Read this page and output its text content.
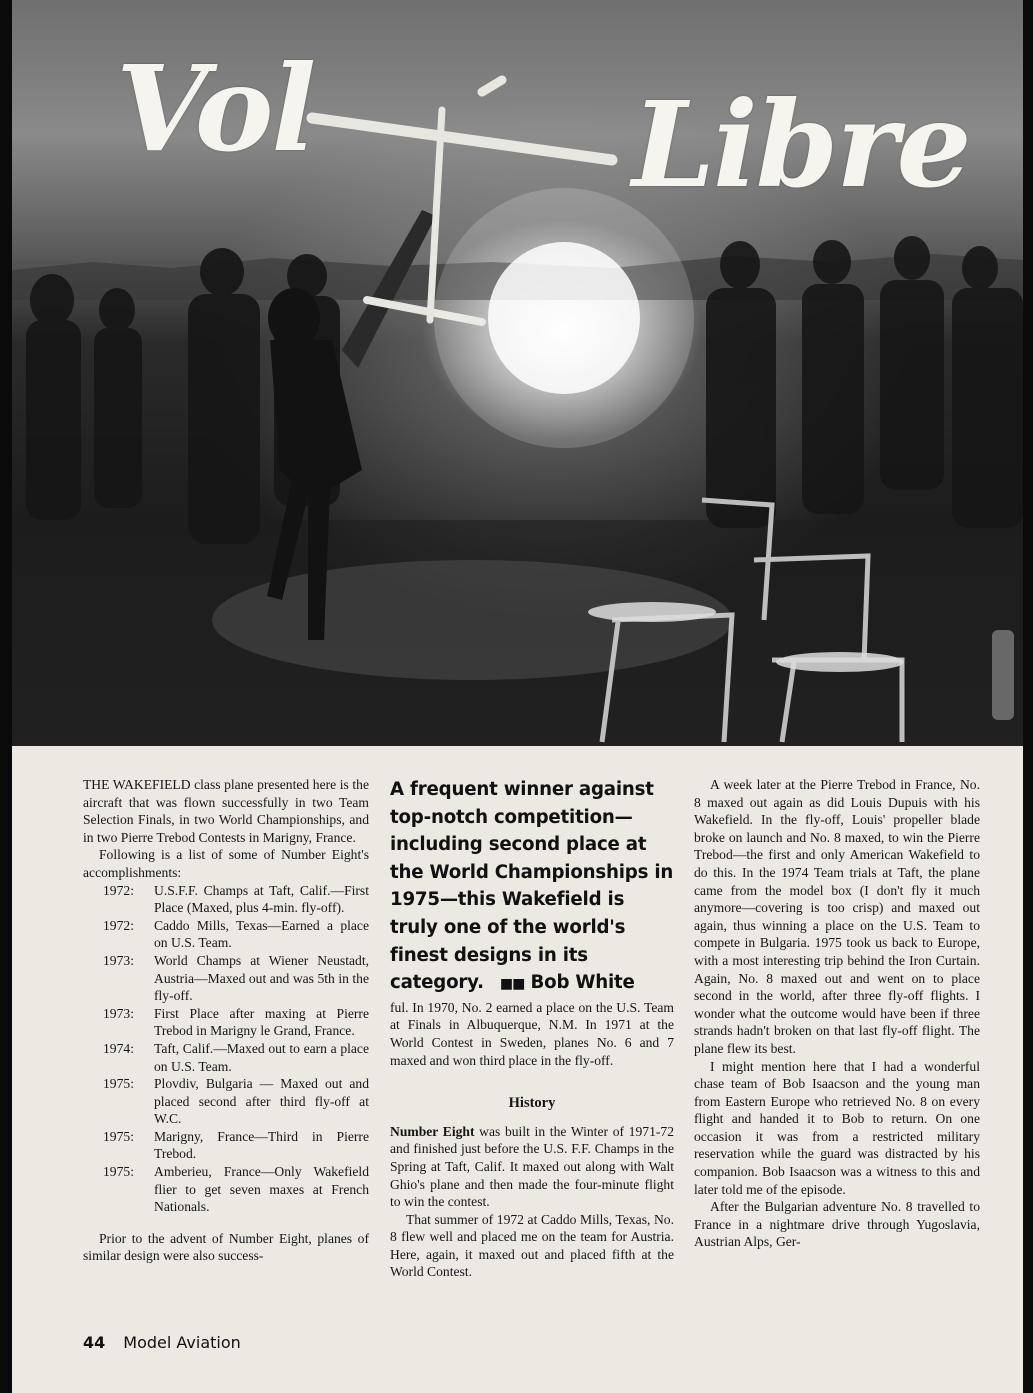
Vol	Libre

THE WAKEFIELD class plane presented here is the aircraft that was flown successfully in two Team Selection Finals, in two World Championships, and in two Pierre Trebod Contests in Marigny, France.

Following is a list of some of Number Eight's accomplishments:

1972: U.S.F.F. Champs at Taft, Calif.—First Place (Maxed, plus 4-min. fly-off).
1972: Caddo Mills, Texas—Earned a place on U.S. Team.
1973: World Champs at Wiener Neustadt, Austria—Maxed out and was 5th in the fly-off.
1973: First Place after maxing at Pierre Trebod in Marigny le Grand, France.
1974: Taft, Calif.—Maxed out to earn a place on U.S. Team.
1975: Plovdiv, Bulgaria — Maxed out and placed second after third fly-off at W.C.
1975: Marigny, France—Third in Pierre Trebod.
1975: Amberieu, France—Only Wakefield flier to get seven maxes at French Nationals.

Prior to the advent of Number Eight, planes of similar design were also success-

A frequent winner against top-notch competition—including second place at the World Championships in 1975—this Wakefield is truly one of the world's finest designs in its category. ■■ Bob White

ful. In 1970, No. 2 earned a place on the U.S. Team at Finals in Albuquerque, N.M. In 1971 at the World Contest in Sweden, planes No. 6 and 7 maxed and won third place in the fly-off.

History

Number Eight was built in the Winter of 1971-72 and finished just before the U.S. F.F. Champs in the Spring at Taft, Calif. It maxed out along with Walt Ghio's plane and then made the four-minute flight to win the contest.

That summer of 1972 at Caddo Mills, Texas, No. 8 flew well and placed me on the team for Austria. Here, again, it maxed out and placed fifth at the World Contest.

A week later at the Pierre Trebod in France, No. 8 maxed out again as did Louis Dupuis with his Wakefield. In the fly-off, Louis' propeller blade broke on launch and No. 8 maxed, to win the Pierre Trebod—the first and only American Wakefield to do this. In the 1974 Team trials at Taft, the plane came from the model box (I don't fly it much anymore—covering is too crisp) and maxed out again, thus winning a place on the U.S. Team to compete in Bulgaria. 1975 took us back to Europe, with a most interesting trip behind the Iron Curtain. Again, No. 8 maxed out and went on to place second in the world, after three fly-off flights. I wonder what the outcome would have been if three strands hadn't broken on that last fly-off flight. The plane flew its best.

I might mention here that I had a wonderful chase team of Bob Isaacson and the young man from Eastern Europe who retrieved No. 8 on every flight and handed it to Bob to return. On one occasion it was from a restricted military reservation while the guard was distracted by his companion. Bob Isaacson was a witness to this and later told me of the episode.

After the Bulgarian adventure No. 8 travelled to France in a nightmare drive through Yugoslavia, Austrian Alps, Ger-

44 Model Aviation
